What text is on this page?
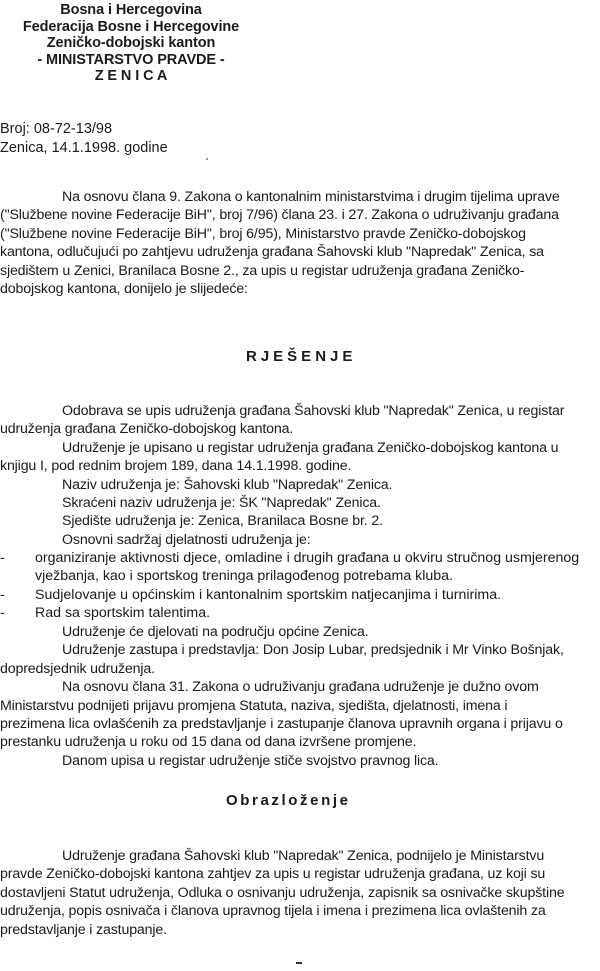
Bosna i Hercegovina
Federacija Bosne i Hercegovine
Zeničko-dobojski kanton
- MINISTARSTVO PRAVDE -
Z E N I C A
Broj: 08-72-13/98
Zenica, 14.1.1998. godine
Na osnovu člana 9. Zakona o kantonalnim ministarstvima i drugim tijelima uprave
("Službene novine Federacije BiH", broj 7/96) člana 23. i 27. Zakona o udruživanju građana
("Službene novine Federacije BiH", broj 6/95), Ministarstvo pravde Zeničko-dobojskog
kantona, odlučujući po zahtjevu udruženja građana Šahovski klub "Napredak" Zenica, sa
sjedištem u Zenici, Branilaca Bosne 2., za upis u registar udruženja građana Zeničko-
dobojskog kantona, donijelo je slijedeće:
RJEŠENJE
Odobrava se upis udruženja građana Šahovski klub "Napredak" Zenica, u registar
udruženja građana Zeničko-dobojskog kantona.
Udruženje je upisano u registar udruženja građana Zeničko-dobojskog kantona u
knjigu I, pod rednim brojem 189, dana 14.1.1998. godine.
Naziv udruženja je: Šahovski klub "Napredak" Zenica.
Skraćeni naziv udruženja je: ŠK "Napredak" Zenica.
Sjedište udruženja je: Zenica, Branilaca Bosne br. 2.
Osnovni sadržaj djelatnosti udruženja je:
- organiziranje aktivnosti djece, omladine i drugih građana u okviru stručnog usmjerenog
vježbanja, kao i sportskog treninga prilagođenog potrebama kluba.
- Sudjelovanje u općinskim i kantonalnim sportskim natjecanjima i turnirima.
- Rad sa sportskim talentima.
Udruženje će djelovati na području općine Zenica.
Udruženje zastupa i predstavlja: Don Josip Lubar, predsjednik i Mr Vinko Bošnjak,
dopredsjednik udruženja.
Na osnovu člana 31. Zakona o udruživanju građana udruženje je dužno ovom
Ministarstvu podnijeti prijavu promjena Statuta, naziva, sjedišta, djelatnosti, imena i
prezimena lica ovlašćenih za predstavljanje i zastupanje članova upravnih organa i prijavu o
prestanku udruženja u roku od 15 dana od dana izvršene promjene.
Danom upisa u registar udruženje stiče svojstvo pravnog lica.
Obrazloženje
Udruženje građana Šahovski klub "Napredak" Zenica, podnijelo je Ministarstvu
pravde Zeničko-dobojski kantona zahtjev za upis u registar udruženja građana, uz koji su
dostavljeni Statut udruženja, Odluka o osnivanju udruženja, zapisnik sa osnivačke skupštine
udruženja, popis osnivača i članova upravnog tijela i imena i prezimena lica ovlaštenih za
predstavljanje i zastupanje.
